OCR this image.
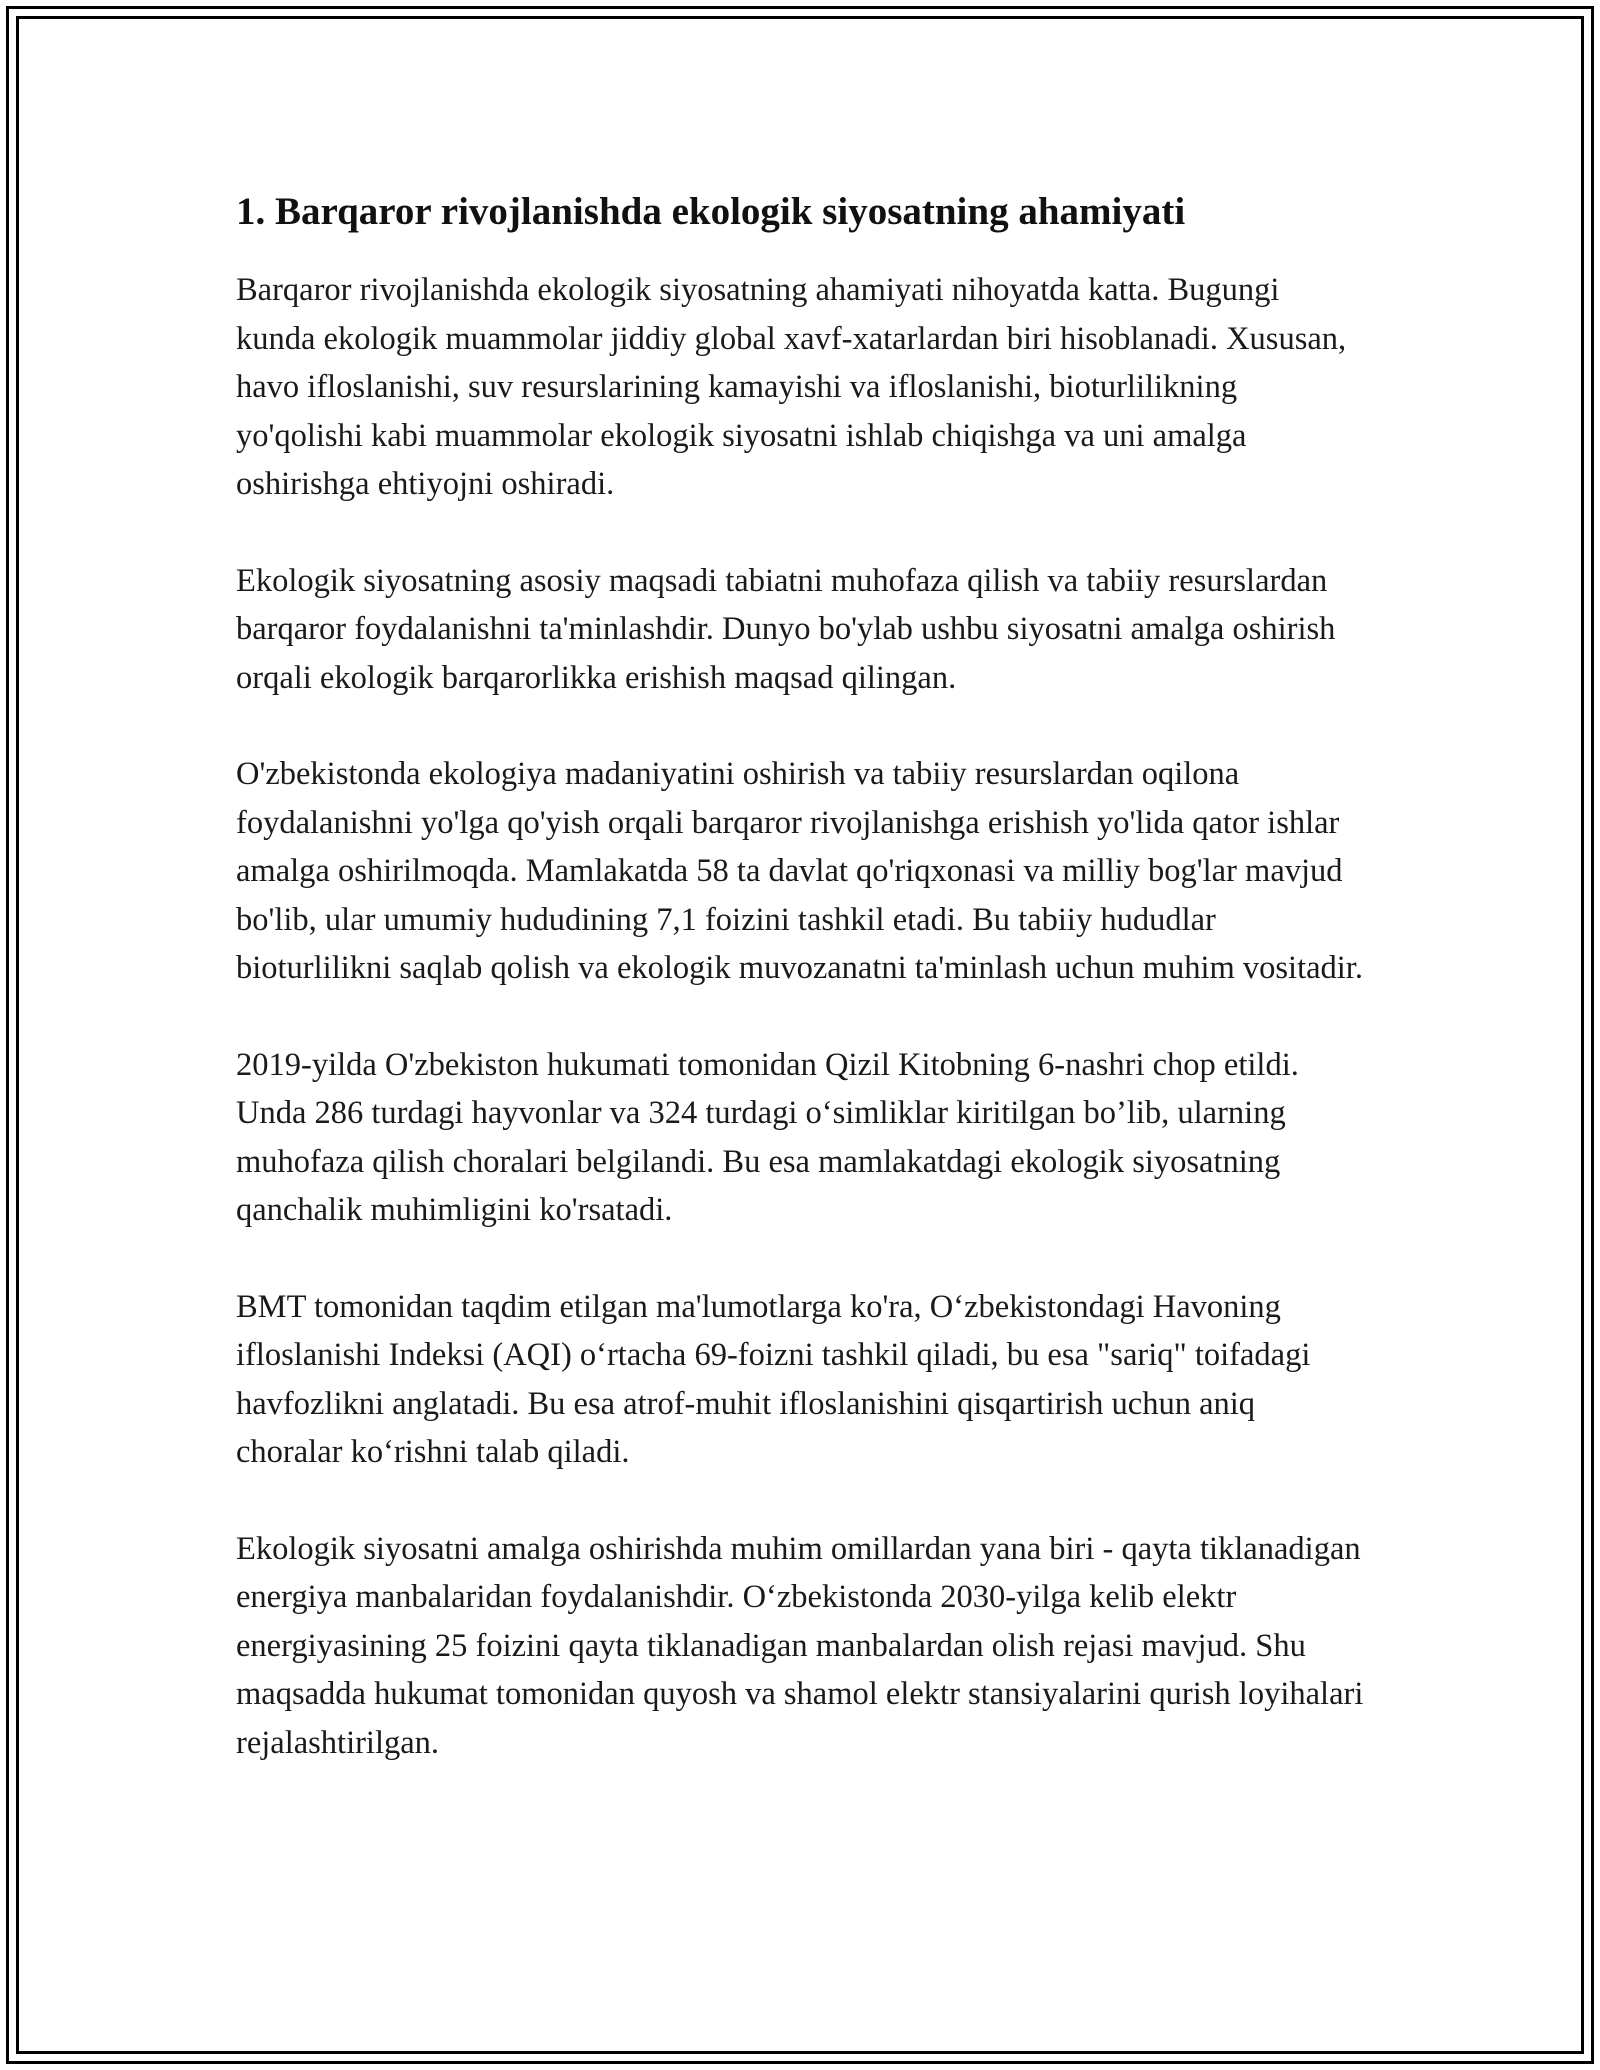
1. Barqaror rivojlanishda ekologik siyosatning ahamiyati

Barqaror rivojlanishda ekologik siyosatning ahamiyati nihoyatda katta. Bugungi kunda ekologik muammolar jiddiy global xavf-xatarlardan biri hisoblanadi. Xususan, havo ifloslanishi, suv resurslarining kamayishi va ifloslanishi, bioturlilikning yo'qolishi kabi muammolar ekologik siyosatni ishlab chiqishga va uni amalga oshirishga ehtiyojni oshiradi.

Ekologik siyosatning asosiy maqsadi tabiatni muhofaza qilish va tabiiy resurslardan barqaror foydalanishni ta'minlashdir. Dunyo bo'ylab ushbu siyosatni amalga oshirish orqali ekologik barqarorlikka erishish maqsad qilingan.

O'zbekistonda ekologiya madaniyatini oshirish va tabiiy resurslardan oqilona foydalanishni yo'lga qo'yish orqali barqaror rivojlanishga erishish yo'lida qator ishlar amalga oshirilmoqda. Mamlakatda 58 ta davlat qo'riqxonasi va milliy bog'lar mavjud bo'lib, ular umumiy hududining 7,1 foizini tashkil etadi. Bu tabiiy hududlar bioturlilikni saqlab qolish va ekologik muvozanatni ta'minlash uchun muhim vositadir.

2019-yilda O'zbekiston hukumati tomonidan Qizil Kitobning 6-nashri chop etildi. Unda 286 turdagi hayvonlar va 324 turdagi o‘simliklar kiritilgan bo’lib, ularning muhofaza qilish choralari belgilandi. Bu esa mamlakatdagi ekologik siyosatning qanchalik muhimligini ko'rsatadi.

BMT tomonidan taqdim etilgan ma'lumotlarga ko'ra, O‘zbekistondagi Havoning ifloslanishi Indeksi (AQI) o‘rtacha 69-foizni tashkil qiladi, bu esa "sariq" toifadagi havfozlikni anglatadi. Bu esa atrof-muhit ifloslanishini qisqartirish uchun aniq choralar ko‘rishni talab qiladi.

Ekologik siyosatni amalga oshirishda muhim omillardan yana biri - qayta tiklanadigan energiya manbalaridan foydalanishdir. O‘zbekistonda 2030-yilga kelib elektr energiyasining 25 foizini qayta tiklanadigan manbalardan olish rejasi mavjud. Shu maqsadda hukumat tomonidan quyosh va shamol elektr stansiyalarini qurish loyihalari rejalashtirilgan.
